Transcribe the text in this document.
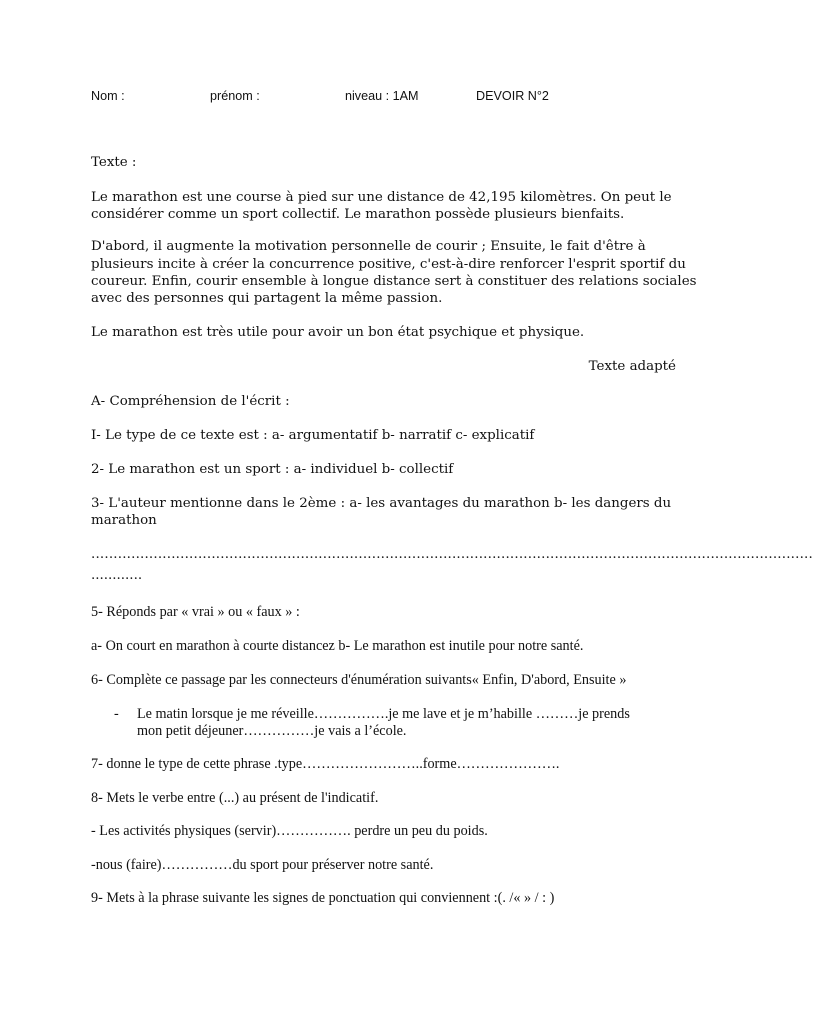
Nom :	prénom :	niveau : 1AM	DEVOIR N°2
Texte :
Le marathon est une course à pied sur une distance de 42,195 kilomètres. On peut le
considérer comme un sport collectif. Le marathon possède plusieurs bienfaits.
D'abord, il augmente la motivation personnelle de courir ; Ensuite, le fait d'être à
plusieurs incite à créer la concurrence positive, c'est-à-dire renforcer l'esprit sportif du
coureur. Enfin, courir ensemble à longue distance sert à constituer des relations sociales
avec des personnes qui partagent la même passion.
Le marathon est très utile pour avoir un bon état psychique et physique.
Texte adapté
A- Compréhension de l'écrit :
I- Le type de ce texte est : a- argumentatif b- narratif c- explicatif
2- Le marathon est un sport : a- individuel b- collectif
3- L'auteur mentionne dans le 2ème : a- les avantages du marathon b- les dangers du
marathon
..................................................................................................................................................................
............
5- Réponds par « vrai » ou « faux » :
a- On court en marathon à courte distancez b- Le marathon est inutile pour notre santé.
6- Complète ce passage par les connecteurs d'énumération suivants« Enfin, D'abord, Ensuite »
- Le matin lorsque je me réveille…………….je me lave et je m’habille ………je prends
mon petit déjeuner……………je vais a l’école.
7- donne le type de cette phrase .type……………………..forme………………….
8- Mets le verbe entre (...) au présent de l'indicatif.
- Les activités physiques (servir)……………. perdre un peu du poids.
-nous (faire)……………du sport pour préserver notre santé.
9- Mets à la phrase suivante les signes de ponctuation qui conviennent :(. /« » / : )
